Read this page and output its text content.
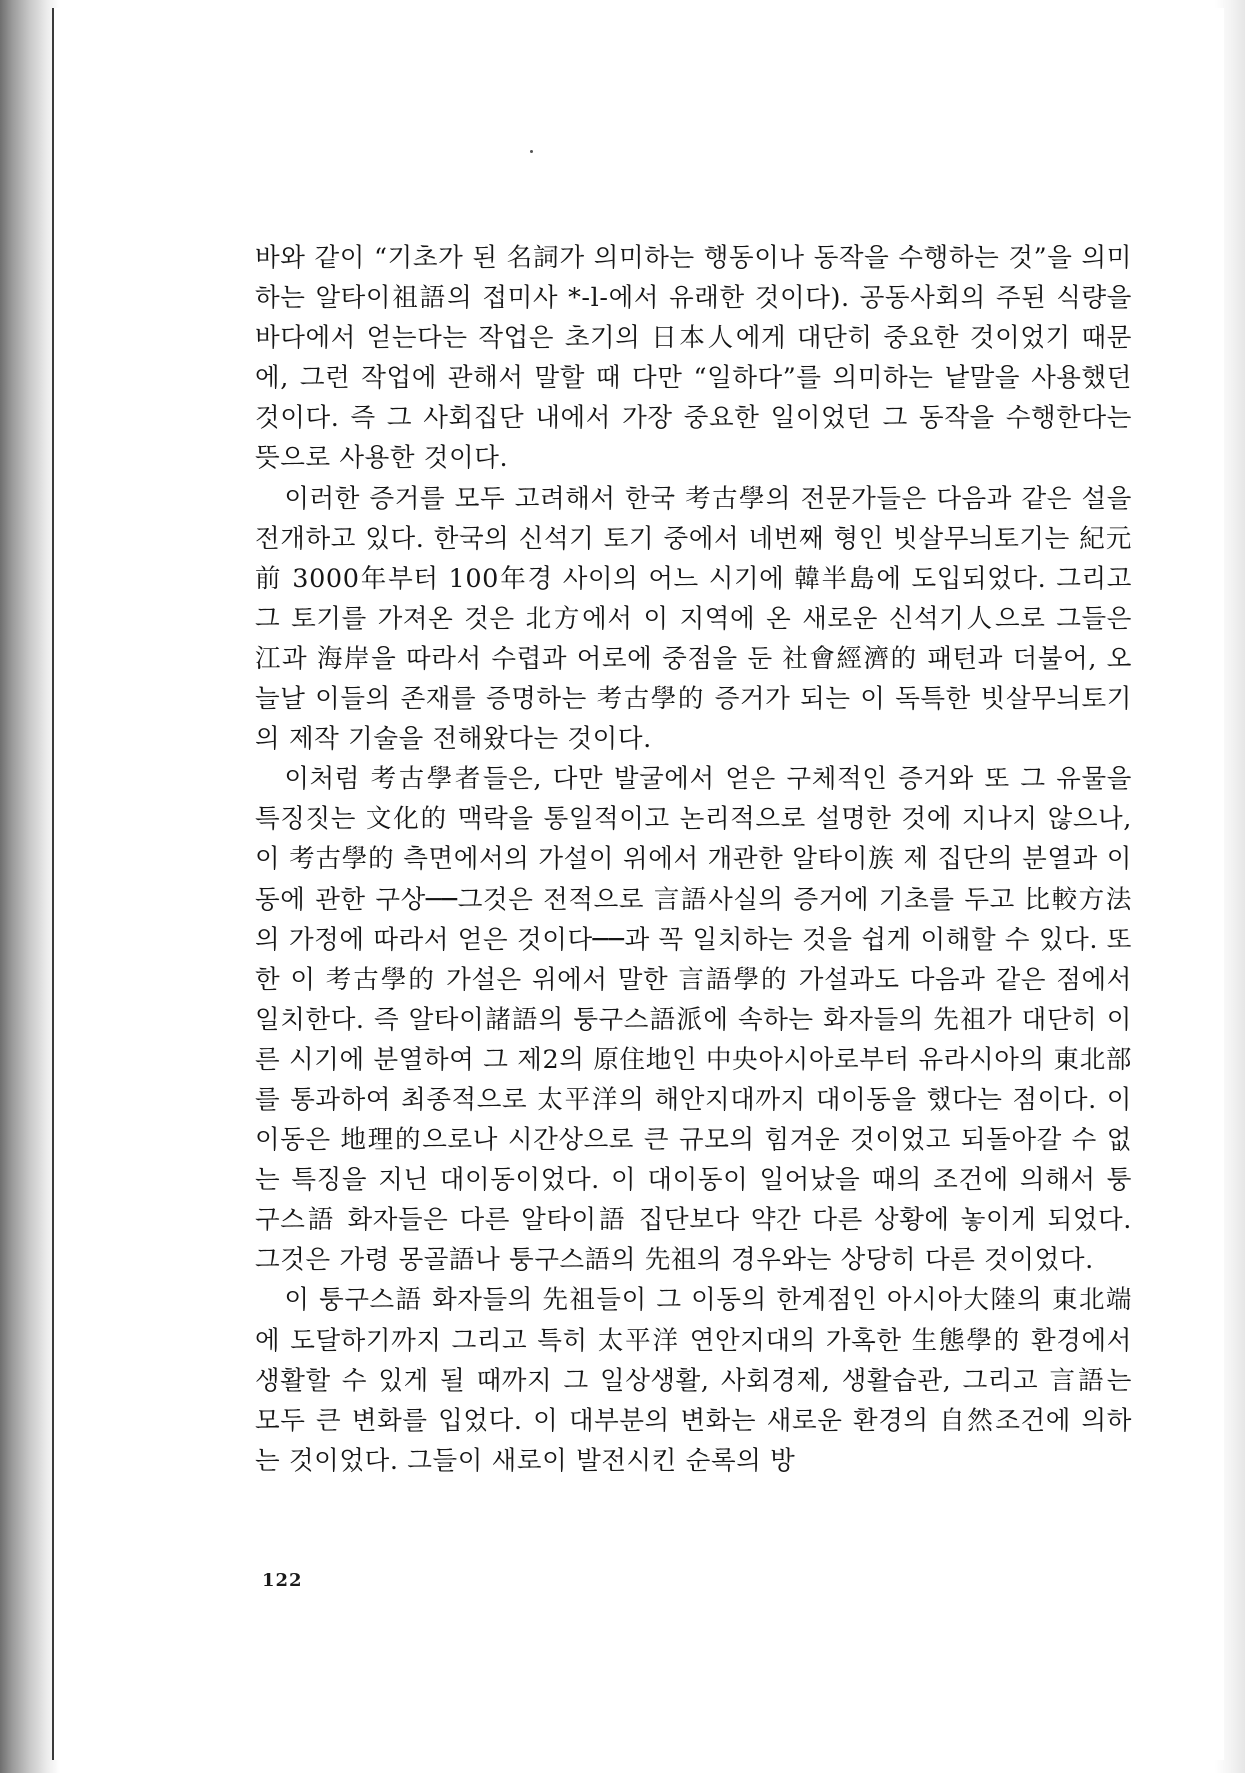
바와 같이 “기초가 된 名詞가 의미하는 행동이나 동작을 수행하는 것”을 의미하는 알타이祖語의 접미사 *-l-에서 유래한 것이다). 공동사회의 주된 식량을 바다에서 얻는다는 작업은 초기의 日本人에게 대단히 중요한 것이었기 때문에, 그런 작업에 관해서 말할 때 다만 “일하다”를 의미하는 낱말을 사용했던 것이다. 즉 그 사회집단 내에서 가장 중요한 일이었던 그 동작을 수행한다는 뜻으로 사용한 것이다.

이러한 증거를 모두 고려해서 한국 考古學의 전문가들은 다음과 같은 설을 전개하고 있다. 한국의 신석기 토기 중에서 네번째 형인 빗살무늬토기는 紀元前 3000年부터 100年경 사이의 어느 시기에 韓半島에 도입되었다. 그리고 그 토기를 가져온 것은 北方에서 이 지역에 온 새로운 신석기人으로 그들은 江과 海岸을 따라서 수렵과 어로에 중점을 둔 社會經濟的 패턴과 더불어, 오늘날 이들의 존재를 증명하는 考古學的 증거가 되는 이 독특한 빗살무늬토기의 제작 기술을 전해왔다는 것이다.

이처럼 考古學者들은, 다만 발굴에서 얻은 구체적인 증거와 또 그 유물을 특징짓는 文化的 맥락을 통일적이고 논리적으로 설명한 것에 지나지 않으나, 이 考古學的 측면에서의 가설이 위에서 개관한 알타이族 제 집단의 분열과 이동에 관한 구상──그것은 전적으로 言語사실의 증거에 기초를 두고 比較方法의 가정에 따라서 얻은 것이다──과 꼭 일치하는 것을 쉽게 이해할 수 있다. 또한 이 考古學的 가설은 위에서 말한 言語學的 가설과도 다음과 같은 점에서 일치한다. 즉 알타이諸語의 퉁구스語派에 속하는 화자들의 先祖가 대단히 이른 시기에 분열하여 그 제2의 原住地인 中央아시아로부터 유라시아의 東北部를 통과하여 최종적으로 太平洋의 해안지대까지 대이동을 했다는 점이다. 이 이동은 地理的으로나 시간상으로 큰 규모의 힘겨운 것이었고 되돌아갈 수 없는 특징을 지닌 대이동이었다. 이 대이동이 일어났을 때의 조건에 의해서 퉁구스語 화자들은 다른 알타이語 집단보다 약간 다른 상황에 놓이게 되었다. 그것은 가령 몽골語나 퉁구스語의 先祖의 경우와는 상당히 다른 것이었다.

이 퉁구스語 화자들의 先祖들이 그 이동의 한계점인 아시아大陸의 東北端에 도달하기까지 그리고 특히 太平洋 연안지대의 가혹한 生態學的 환경에서 생활할 수 있게 될 때까지 그 일상생활, 사회경제, 생활습관, 그리고 言語는 모두 큰 변화를 입었다. 이 대부분의 변화는 새로운 환경의 自然조건에 의하는 것이었다. 그들이 새로이 발전시킨 순록의 방

122
